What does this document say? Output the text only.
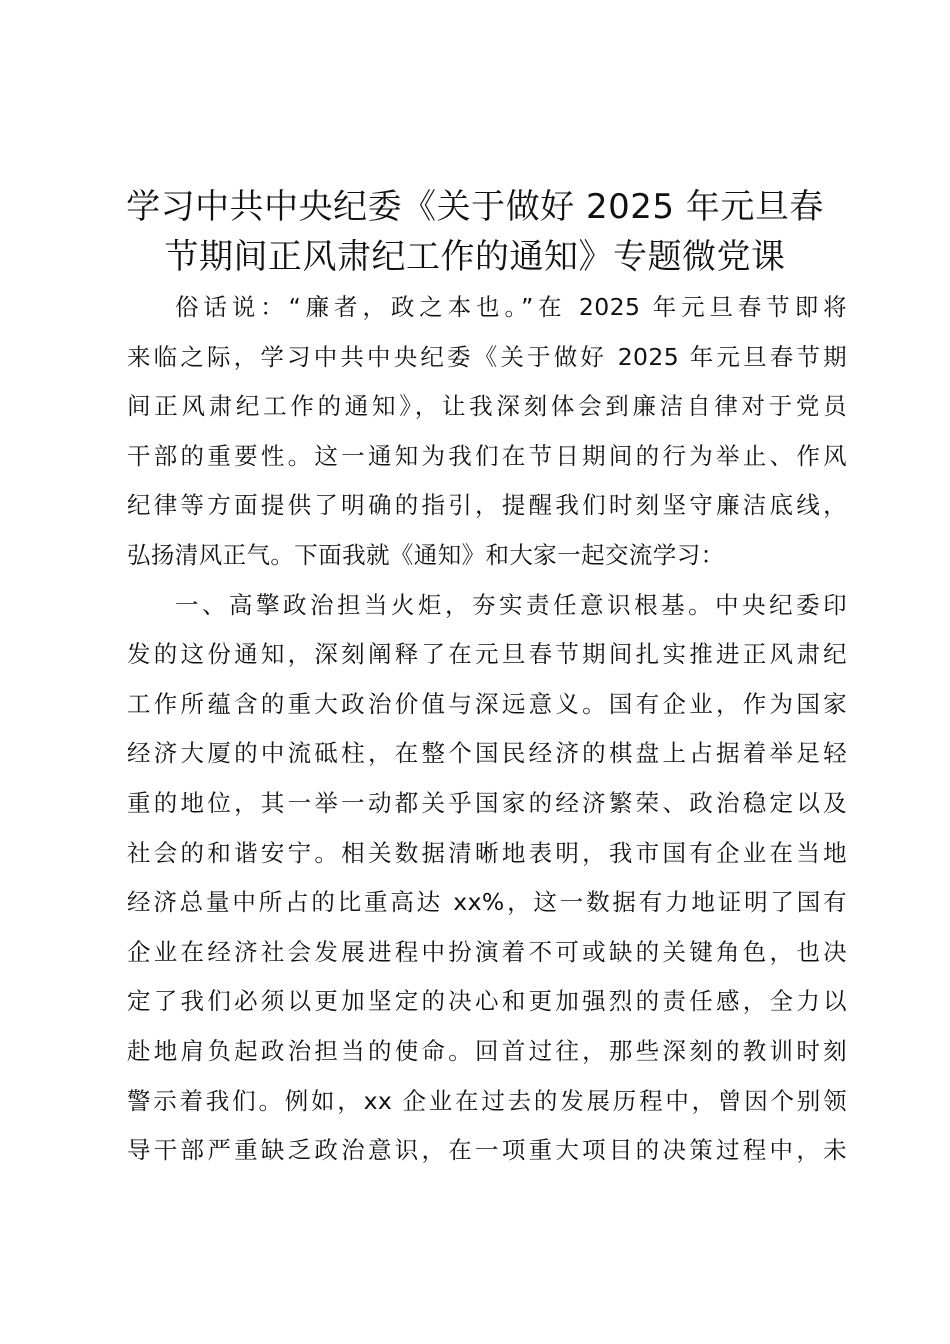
学习中共中央纪委《关于做好 2025 年元旦春
节期间正风肃纪工作的通知》专题微党课
俗话说：“廉者，政之本也。”在 2025 年元旦春节即将
来临之际，学习中共中央纪委《关于做好 2025 年元旦春节期
间正风肃纪工作的通知》，让我深刻体会到廉洁自律对于党员
干部的重要性。这一通知为我们在节日期间的行为举止、作风
纪律等方面提供了明确的指引，提醒我们时刻坚守廉洁底线，
弘扬清风正气。下面我就《通知》和大家一起交流学习：
一、高擎政治担当火炬，夯实责任意识根基。中央纪委印
发的这份通知，深刻阐释了在元旦春节期间扎实推进正风肃纪
工作所蕴含的重大政治价值与深远意义。国有企业，作为国家
经济大厦的中流砥柱，在整个国民经济的棋盘上占据着举足轻
重的地位，其一举一动都关乎国家的经济繁荣、政治稳定以及
社会的和谐安宁。相关数据清晰地表明，我市国有企业在当地
经济总量中所占的比重高达 xx%，这一数据有力地证明了国有
企业在经济社会发展进程中扮演着不可或缺的关键角色，也决
定了我们必须以更加坚定的决心和更加强烈的责任感，全力以
赴地肩负起政治担当的使命。回首过往，那些深刻的教训时刻
警示着我们。例如，xx 企业在过去的发展历程中，曾因个别领
导干部严重缺乏政治意识，在一项重大项目的决策过程中，未
